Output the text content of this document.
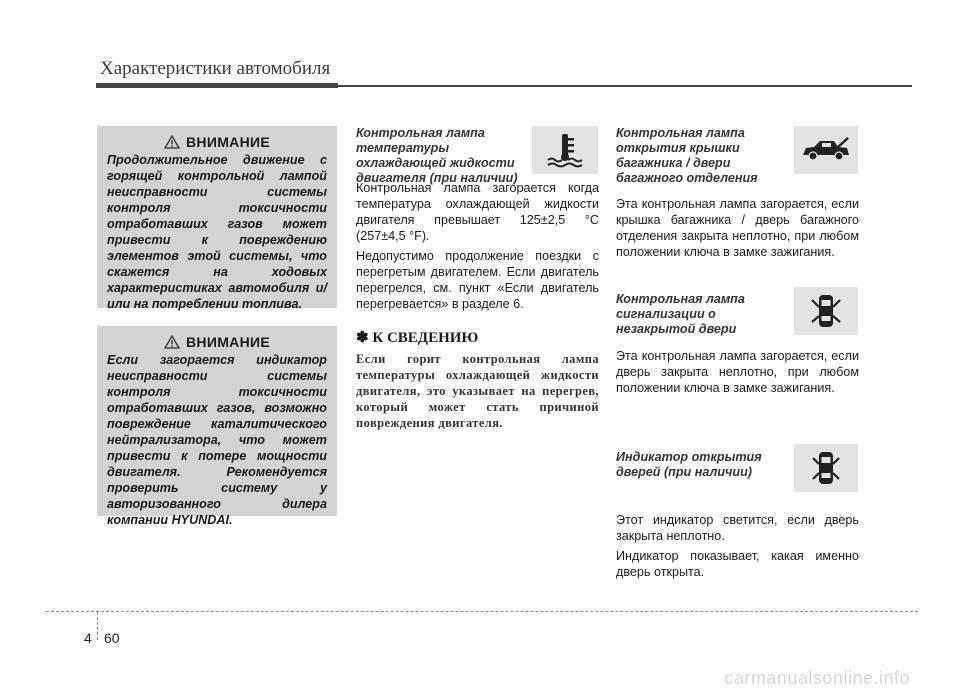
Характеристики автомобиля
ВНИМАНИЕ
Продолжительное движение с горящей контрольной лампой неисправности системы контроля токсичности отработавших газов может привести к повреждению элементов этой системы, что скажется на ходовых характеристиках автомобиля и/или на потреблении топлива.
ВНИМАНИЕ
Если загорается индикатор неисправности системы контроля токсичности отработавших газов, возможно повреждение каталитического нейтрализатора, что может привести к потере мощности двигателя. Рекомендуется проверить систему у авторизованного дилера компании HYUNDAI.
Контрольная лампа температуры охлаждающей жидкости двигателя (при наличии)

Контрольная лампа загорается когда температура охлаждающей жидкости двигателя превышает 125±2,5 °C (257±4,5 °F).

Недопустимо продолжение поездки с перегретым двигателем. Если двигатель перегрелся, см. пункт «Если двигатель перегревается» в разделе 6.

✽ К СВЕДЕНИЮ
Если горит контрольная лампа температуры охлаждающей жидкости двигателя, это указывает на перегрев, который может стать причиной повреждения двигателя.
Контрольная лампа открытия крышки багажника / двери багажного отделения

Эта контрольная лампа загорается, если крышка багажника / дверь багажного отделения закрыта неплотно, при любом положении ключа в замке зажигания.

Контрольная лампа сигнализации о незакрытой двери

Эта контрольная лампа загорается, если дверь закрыта неплотно, при любом положении ключа в замке зажигания.

Индикатор открытия дверей (при наличии)

Этот индикатор светится, если дверь закрыта неплотно.

Индикатор показывает, какая именно дверь открыта.

4 60
carmanualsonline.info
